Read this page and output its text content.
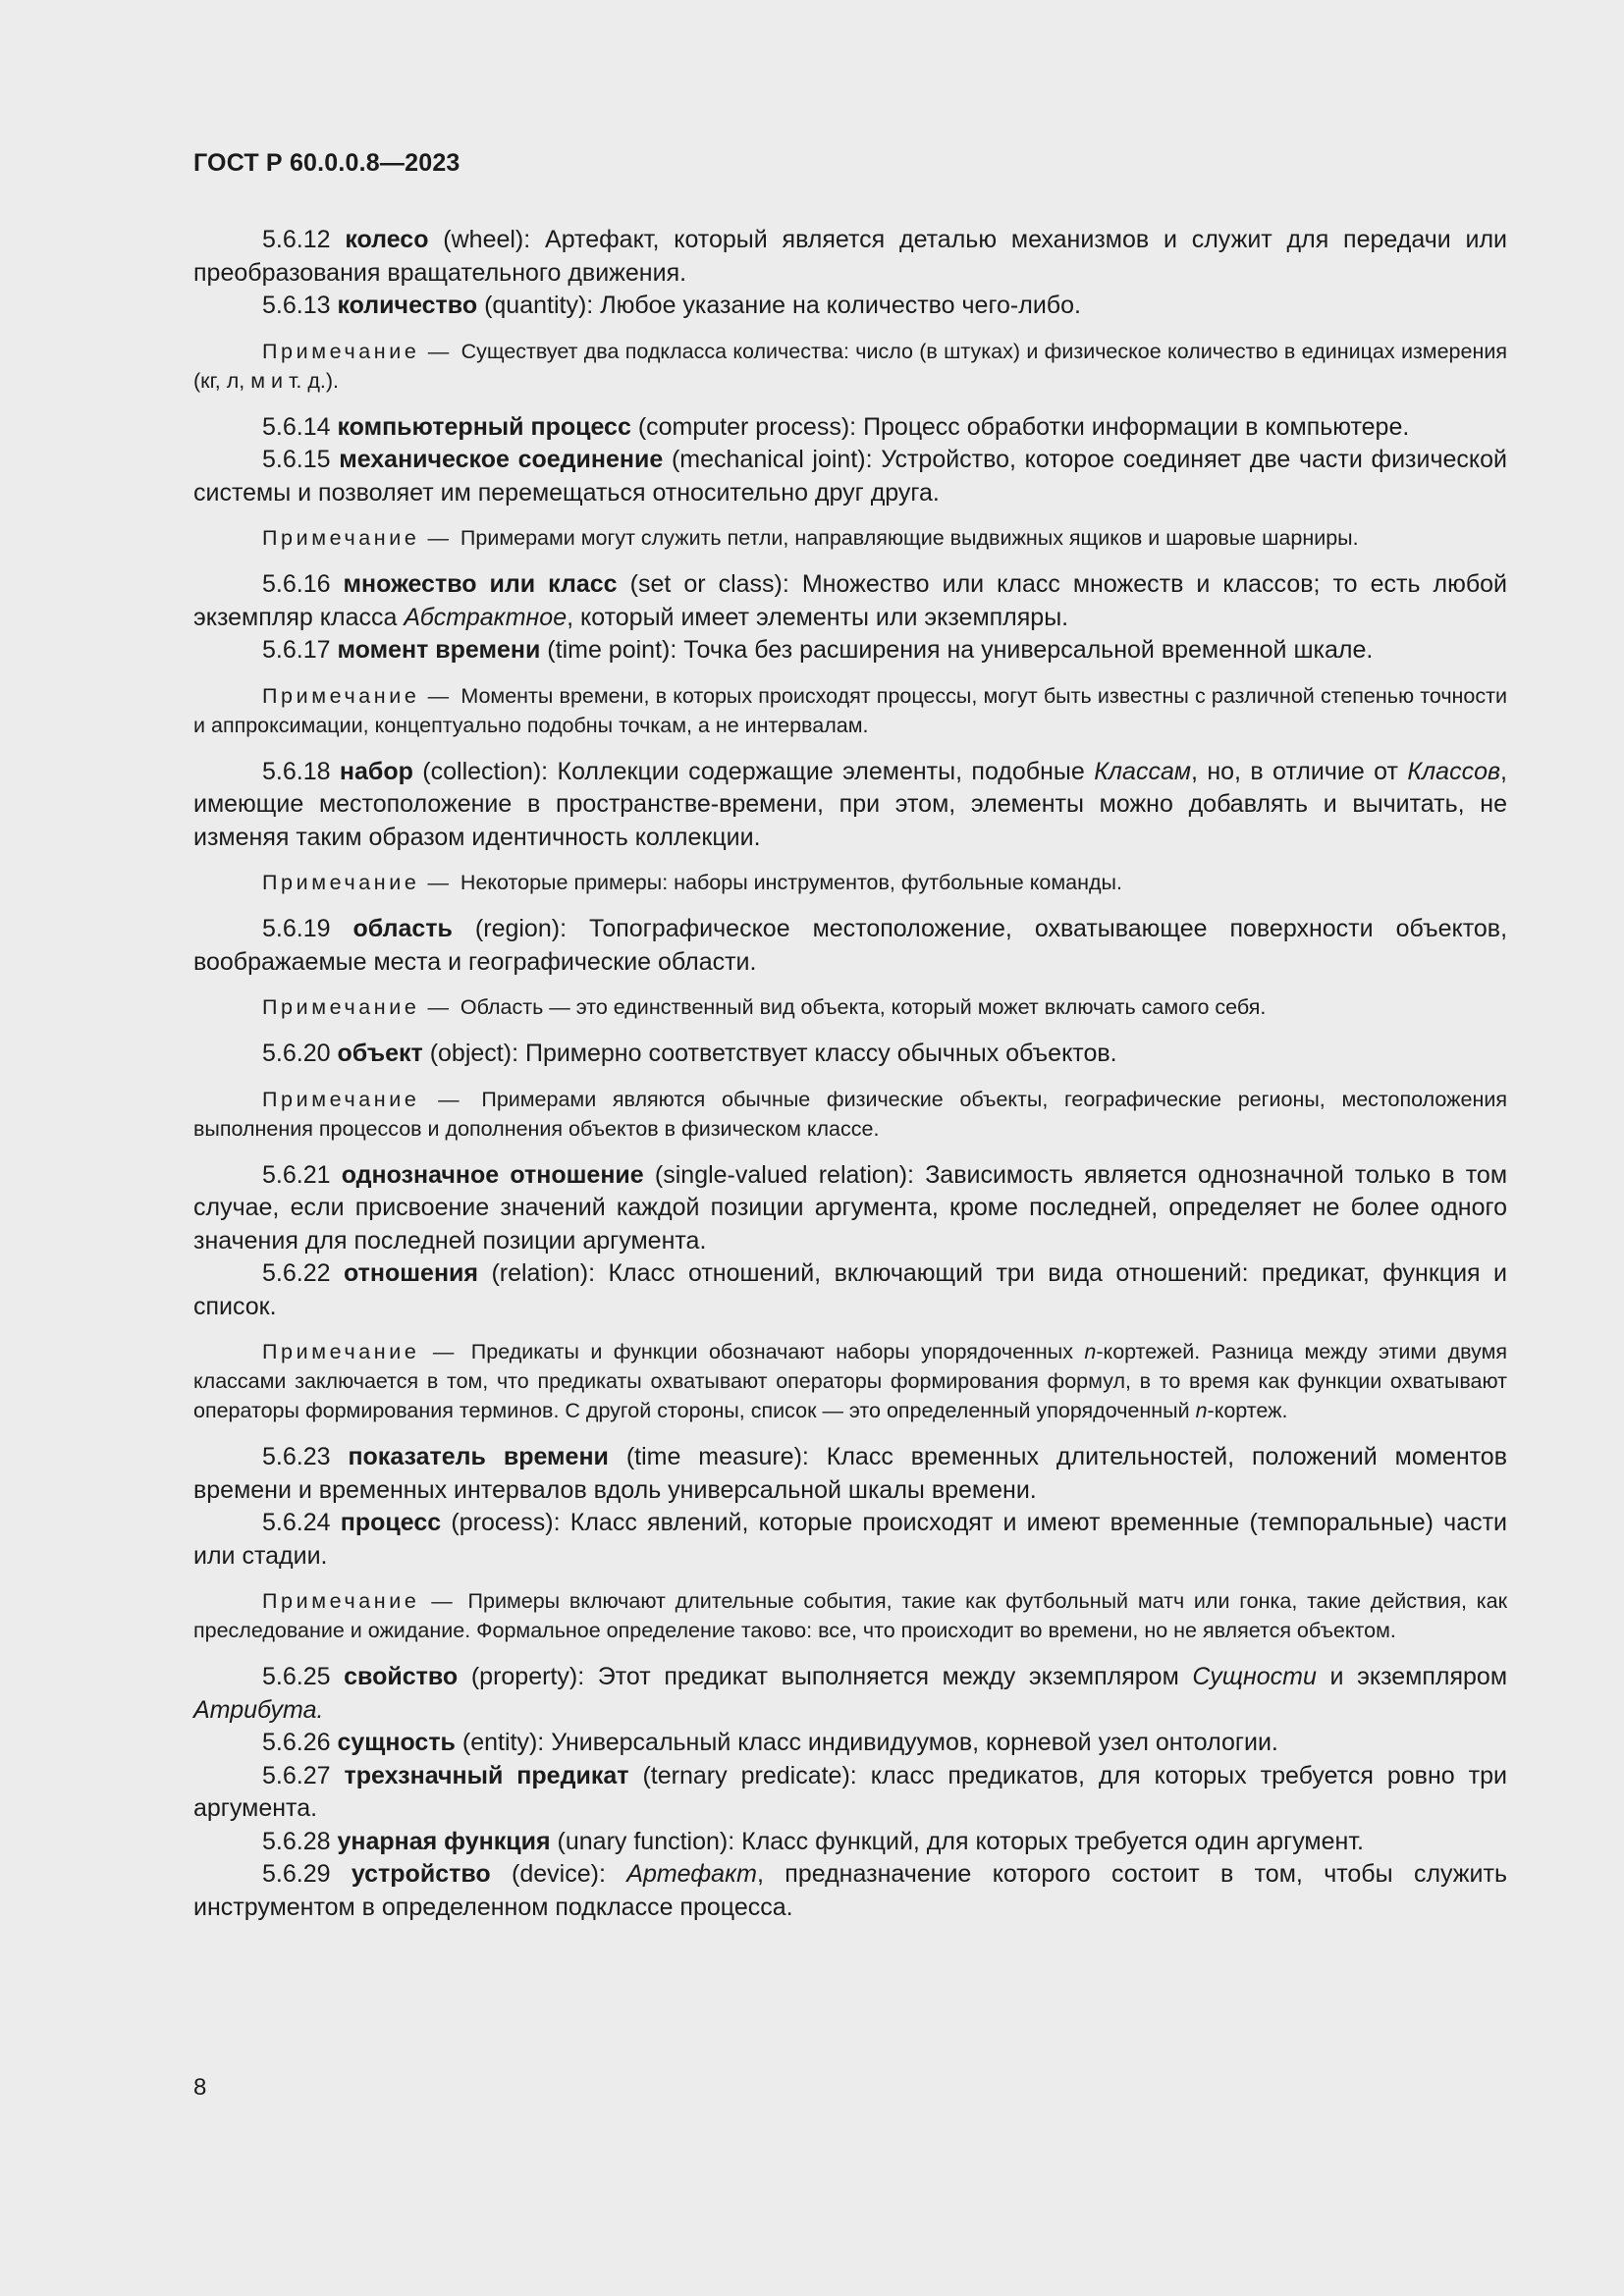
ГОСТ Р 60.0.0.8—2023

5.6.12 колесо (wheel): Артефакт, который является деталью механизмов и служит для передачи или преобразования вращательного движения.

5.6.13 количество (quantity): Любое указание на количество чего-либо.

Примечание — Существует два подкласса количества: число (в штуках) и физическое количество в единицах измерения (кг, л, м и т. д.).

5.6.14 компьютерный процесс (computer process): Процесс обработки информации в компьютере.

5.6.15 механическое соединение (mechanical joint): Устройство, которое соединяет две части физической системы и позволяет им перемещаться относительно друг друга.

Примечание — Примерами могут служить петли, направляющие выдвижных ящиков и шаровые шарниры.

5.6.16 множество или класс (set or class): Множество или класс множеств и классов; то есть любой экземпляр класса Абстрактное, который имеет элементы или экземпляры.

5.6.17 момент времени (time point): Точка без расширения на универсальной временной шкале.

Примечание — Моменты времени, в которых происходят процессы, могут быть известны с различной степенью точности и аппроксимации, концептуально подобны точкам, а не интервалам.

5.6.18 набор (collection): Коллекции содержащие элементы, подобные Классам, но, в отличие от Классов, имеющие местоположение в пространстве-времени, при этом, элементы можно добавлять и вычитать, не изменяя таким образом идентичность коллекции.

Примечание — Некоторые примеры: наборы инструментов, футбольные команды.

5.6.19 область (region): Топографическое местоположение, охватывающее поверхности объектов, воображаемые места и географические области.

Примечание — Область — это единственный вид объекта, который может включать самого себя.

5.6.20 объект (object): Примерно соответствует классу обычных объектов.

Примечание — Примерами являются обычные физические объекты, географические регионы, местоположения выполнения процессов и дополнения объектов в физическом классе.

5.6.21 однозначное отношение (single-valued relation): Зависимость является однозначной только в том случае, если присвоение значений каждой позиции аргумента, кроме последней, определяет не более одного значения для последней позиции аргумента.

5.6.22 отношения (relation): Класс отношений, включающий три вида отношений: предикат, функция и список.

Примечание — Предикаты и функции обозначают наборы упорядоченных n-кортежей. Разница между этими двумя классами заключается в том, что предикаты охватывают операторы формирования формул, в то время как функции охватывают операторы формирования терминов. С другой стороны, список — это определенный упорядоченный n-кортеж.

5.6.23 показатель времени (time measure): Класс временных длительностей, положений моментов времени и временных интервалов вдоль универсальной шкалы времени.

5.6.24 процесс (process): Класс явлений, которые происходят и имеют временные (темпоральные) части или стадии.

Примечание — Примеры включают длительные события, такие как футбольный матч или гонка, такие действия, как преследование и ожидание. Формальное определение таково: все, что происходит во времени, но не является объектом.

5.6.25 свойство (property): Этот предикат выполняется между экземпляром Сущности и экземпляром Атрибута.

5.6.26 сущность (entity): Универсальный класс индивидуумов, корневой узел онтологии.

5.6.27 трехзначный предикат (ternary predicate): класс предикатов, для которых требуется ровно три аргумента.

5.6.28 унарная функция (unary function): Класс функций, для которых требуется один аргумент.

5.6.29 устройство (device): Артефакт, предназначение которого состоит в том, чтобы служить инструментом в определенном подклассе процесса.

8
